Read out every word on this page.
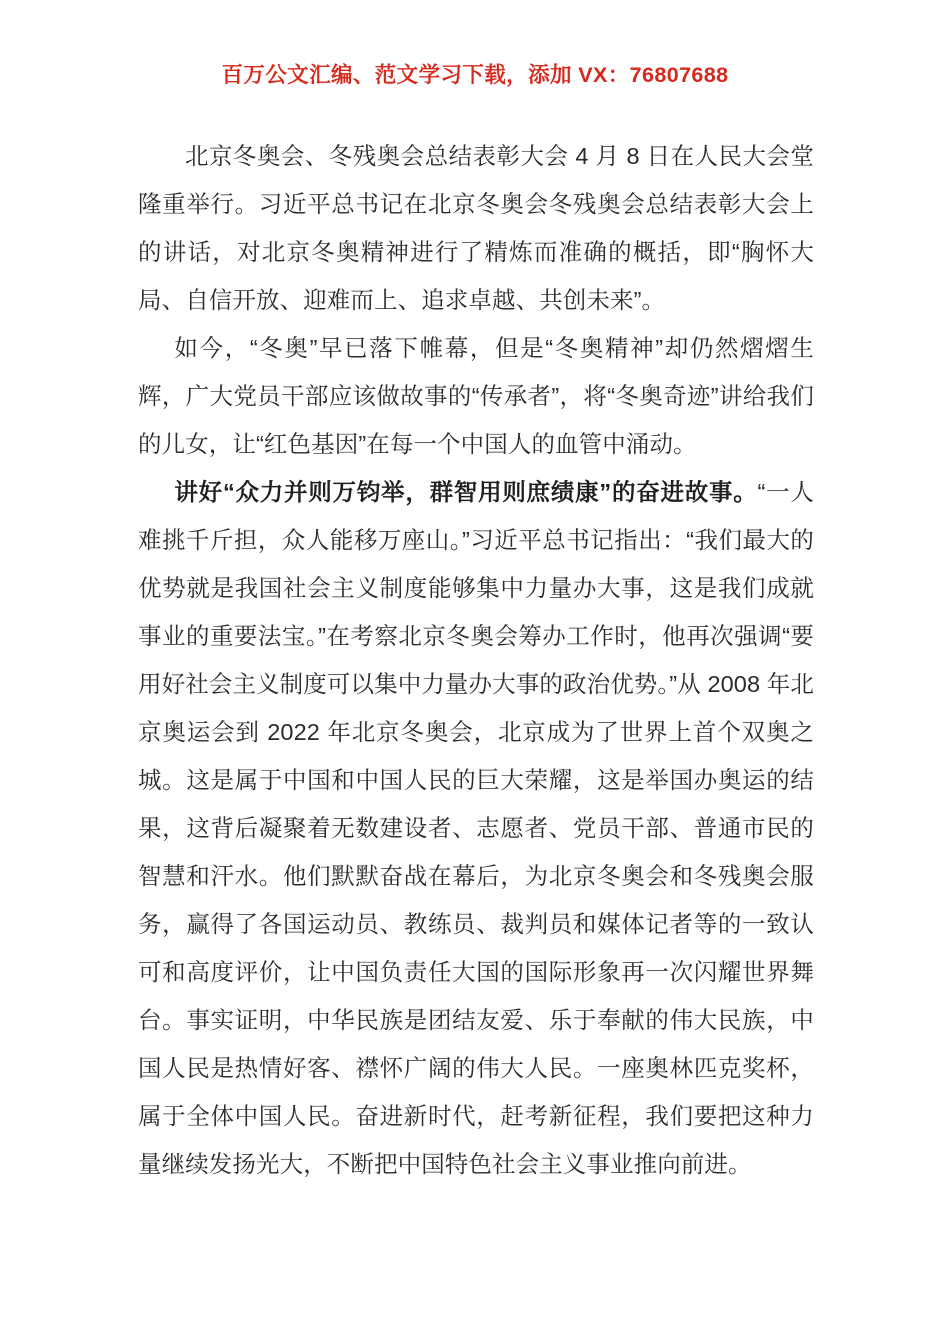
百万公文汇编、范文学习下载，添加 VX：76807688

北京冬奥会、冬残奥会总结表彰大会 4 月 8 日在人民大会堂隆重举行。习近平总书记在北京冬奥会冬残奥会总结表彰大会上的讲话，对北京冬奥精神进行了精炼而准确的概括，即“胸怀大局、自信开放、迎难而上、追求卓越、共创未来”。

如今，“冬奥”早已落下帷幕，但是“冬奥精神”却仍然熠熠生辉，广大党员干部应该做故事的“传承者”，将“冬奥奇迹”讲给我们的儿女，让“红色基因”在每一个中国人的血管中涌动。

讲好“众力并则万钧举，群智用则庶绩康”的奋进故事。“一人难挑千斤担，众人能移万座山。”习近平总书记指出：“我们最大的优势就是我国社会主义制度能够集中力量办大事，这是我们成就事业的重要法宝。”在考察北京冬奥会筹办工作时，他再次强调“要用好社会主义制度可以集中力量办大事的政治优势。”从 2008 年北京奥运会到 2022 年北京冬奥会，北京成为了世界上首个双奥之城。这是属于中国和中国人民的巨大荣耀，这是举国办奥运的结果，这背后凝聚着无数建设者、志愿者、党员干部、普通市民的智慧和汗水。他们默默奋战在幕后，为北京冬奥会和冬残奥会服务，赢得了各国运动员、教练员、裁判员和媒体记者等的一致认可和高度评价，让中国负责任大国的国际形象再一次闪耀世界舞台。事实证明，中华民族是团结友爱、乐于奉献的伟大民族，中国人民是热情好客、襟怀广阔的伟大人民。一座奥林匹克奖杯，属于全体中国人民。奋进新时代，赶考新征程，我们要把这种力量继续发扬光大，不断把中国特色社会主义事业推向前进。
